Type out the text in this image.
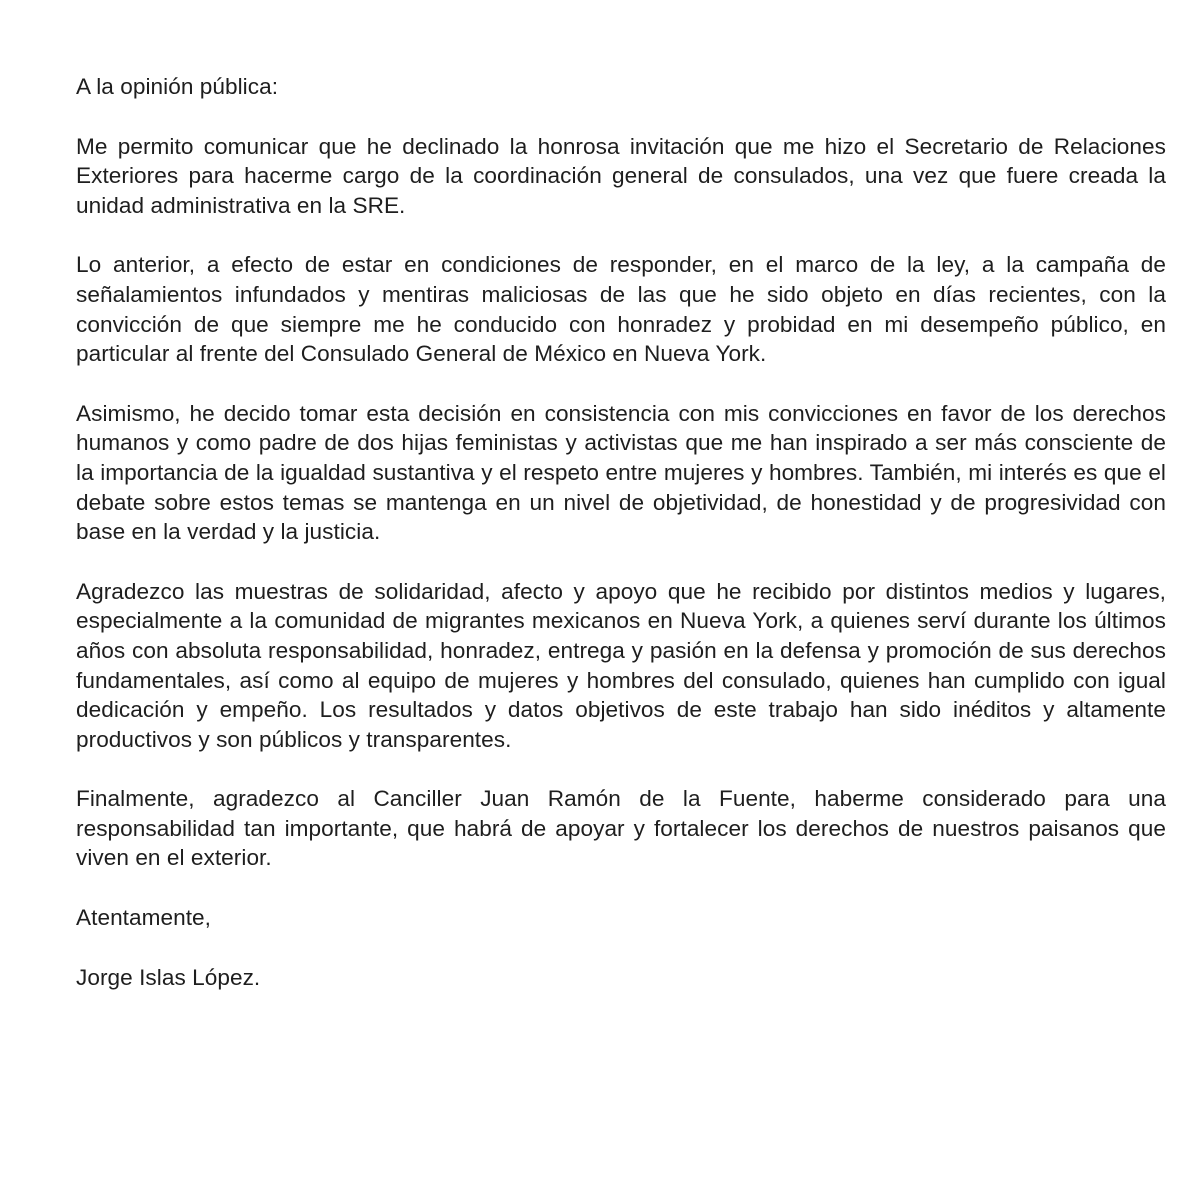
A la opinión pública:

Me permito comunicar que he declinado la honrosa invitación que me hizo el Secretario de Relaciones Exteriores para hacerme cargo de la coordinación general de consulados, una vez que fuere creada la unidad administrativa en la SRE.

Lo anterior, a efecto de estar en condiciones de responder, en el marco de la ley, a la campaña de señalamientos infundados y mentiras maliciosas de las que he sido objeto en días recientes, con la convicción de que siempre me he conducido con honradez y probidad en mi desempeño público, en particular al frente del Consulado General de México en Nueva York.

Asimismo, he decido tomar esta decisión en consistencia con mis convicciones en favor de los derechos humanos y como padre de dos hijas feministas y activistas que me han inspirado a ser más consciente de la importancia de la igualdad sustantiva y el respeto entre mujeres y hombres. También, mi interés es que el debate sobre estos temas se mantenga en un nivel de objetividad, de honestidad y de progresividad con base en la verdad y la justicia.

Agradezco las muestras de solidaridad, afecto y apoyo que he recibido por distintos medios y lugares, especialmente a la comunidad de migrantes mexicanos en Nueva York, a quienes serví durante los últimos años con absoluta responsabilidad, honradez, entrega y pasión en la defensa y promoción de sus derechos fundamentales, así como al equipo de mujeres y hombres del consulado, quienes han cumplido con igual dedicación y empeño. Los resultados y datos objetivos de este trabajo han sido inéditos y altamente productivos y son públicos y transparentes.

Finalmente, agradezco al Canciller Juan Ramón de la Fuente, haberme considerado para una responsabilidad tan importante, que habrá de apoyar y fortalecer los derechos de nuestros paisanos que viven en el exterior.

Atentamente,

Jorge Islas López.
